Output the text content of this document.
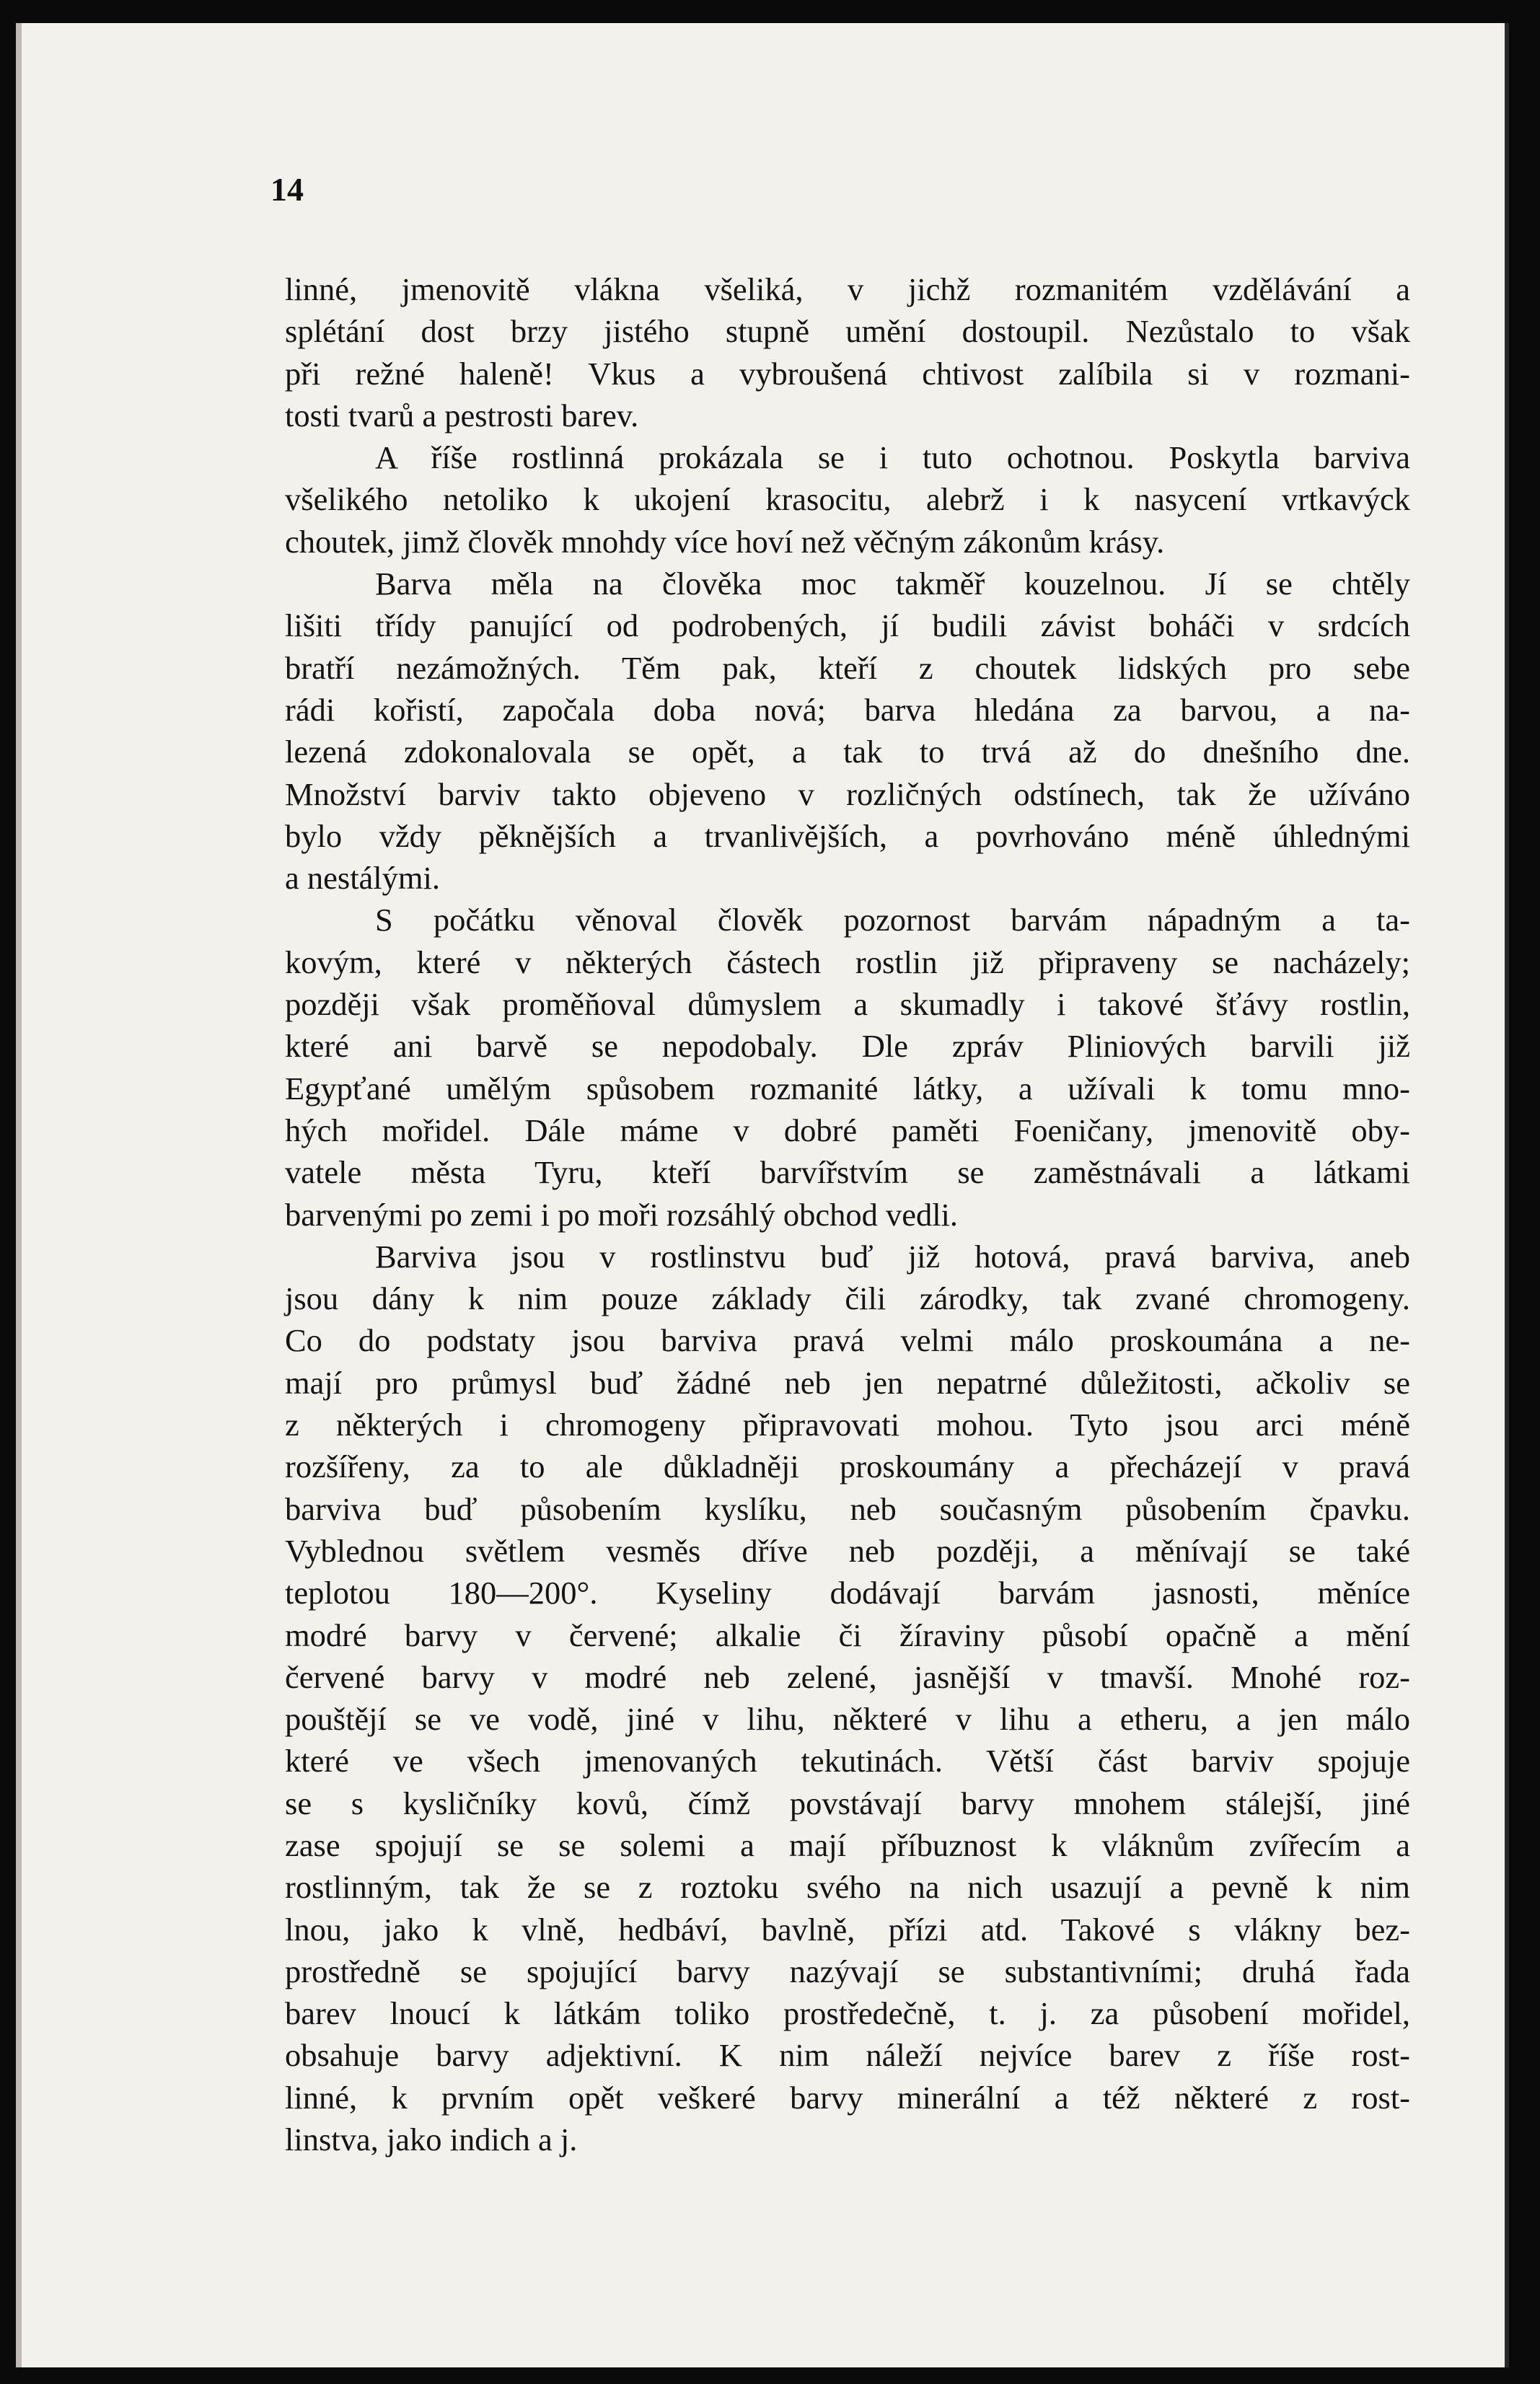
14
linné, jmenovitě vlákna všeliká, v jichž rozmanitém vzdělávání a
splétání dost brzy jistého stupně umění dostoupil. Nezůstalo to však
při režné haleně! Vkus a vybroušená chtivost zalíbila si v rozmani-
tosti tvarů a pestrosti barev.
A říše rostlinná prokázala se i tuto ochotnou. Poskytla barviva
všelikého netoliko k ukojení krasocitu, alebrž i k nasycení vrtkavýck
choutek, jimž člověk mnohdy více hoví než věčným zákonům krásy.
Barva měla na člověka moc takměř kouzelnou. Jí se chtěly
lišiti třídy panující od podrobených, jí budili závist boháči v srdcích
bratří nezámožných. Těm pak, kteří z choutek lidských pro sebe
rádi kořistí, započala doba nová; barva hledána za barvou, a na-
lezená zdokonalovala se opět, a tak to trvá až do dnešního dne.
Množství barviv takto objeveno v rozličných odstínech, tak že užíváno
bylo vždy pěknějších a trvanlivějších, a povrhováno méně úhlednými
a nestálými.
S počátku věnoval člověk pozornost barvám nápadným a ta-
kovým, které v některých částech rostlin již připraveny se nacházely;
později však proměňoval důmyslem a skumadly i takové šťávy rostlin,
které ani barvě se nepodobaly. Dle zpráv Pliniových barvili již
Egypťané umělým spůsobem rozmanité látky, a užívali k tomu mno-
hých mořidel. Dále máme v dobré paměti Foeničany, jmenovitě oby-
vatele města Tyru, kteří barvířstvím se zaměstnávali a látkami
barvenými po zemi i po moři rozsáhlý obchod vedli.
Barviva jsou v rostlinstvu buď již hotová, pravá barviva, aneb
jsou dány k nim pouze základy čili zárodky, tak zvané chromogeny.
Co do podstaty jsou barviva pravá velmi málo proskoumána a ne-
mají pro průmysl buď žádné neb jen nepatrné důležitosti, ačkoliv se
z některých i chromogeny připravovati mohou. Tyto jsou arci méně
rozšířeny, za to ale důkladněji proskoumány a přecházejí v pravá
barviva buď působením kyslíku, neb současným působením čpavku.
Vyblednou světlem vesměs dříve neb později, a měnívají se také
teplotou 180—200°. Kyseliny dodávají barvám jasnosti, měníce
modré barvy v červené; alkalie či žíraviny působí opačně a mění
červené barvy v modré neb zelené, jasnější v tmavší. Mnohé roz-
pouštějí se ve vodě, jiné v lihu, některé v lihu a etheru, a jen málo
které ve všech jmenovaných tekutinách. Větší část barviv spojuje
se s kysličníky kovů, čímž povstávají barvy mnohem stálejší, jiné
zase spojují se se solemi a mají příbuznost k vláknům zvířecím a
rostlinným, tak že se z roztoku svého na nich usazují a pevně k nim
lnou, jako k vlně, hedbáví, bavlně, přízi atd. Takové s vlákny bez-
prostředně se spojující barvy nazývají se substantivními; druhá řada
barev lnoucí k látkám toliko prostředečně, t. j. za působení mořidel,
obsahuje barvy adjektivní. K nim náleží nejvíce barev z říše rost-
linné, k prvním opět veškeré barvy minerální a též některé z rost-
linstva, jako indich a j.
